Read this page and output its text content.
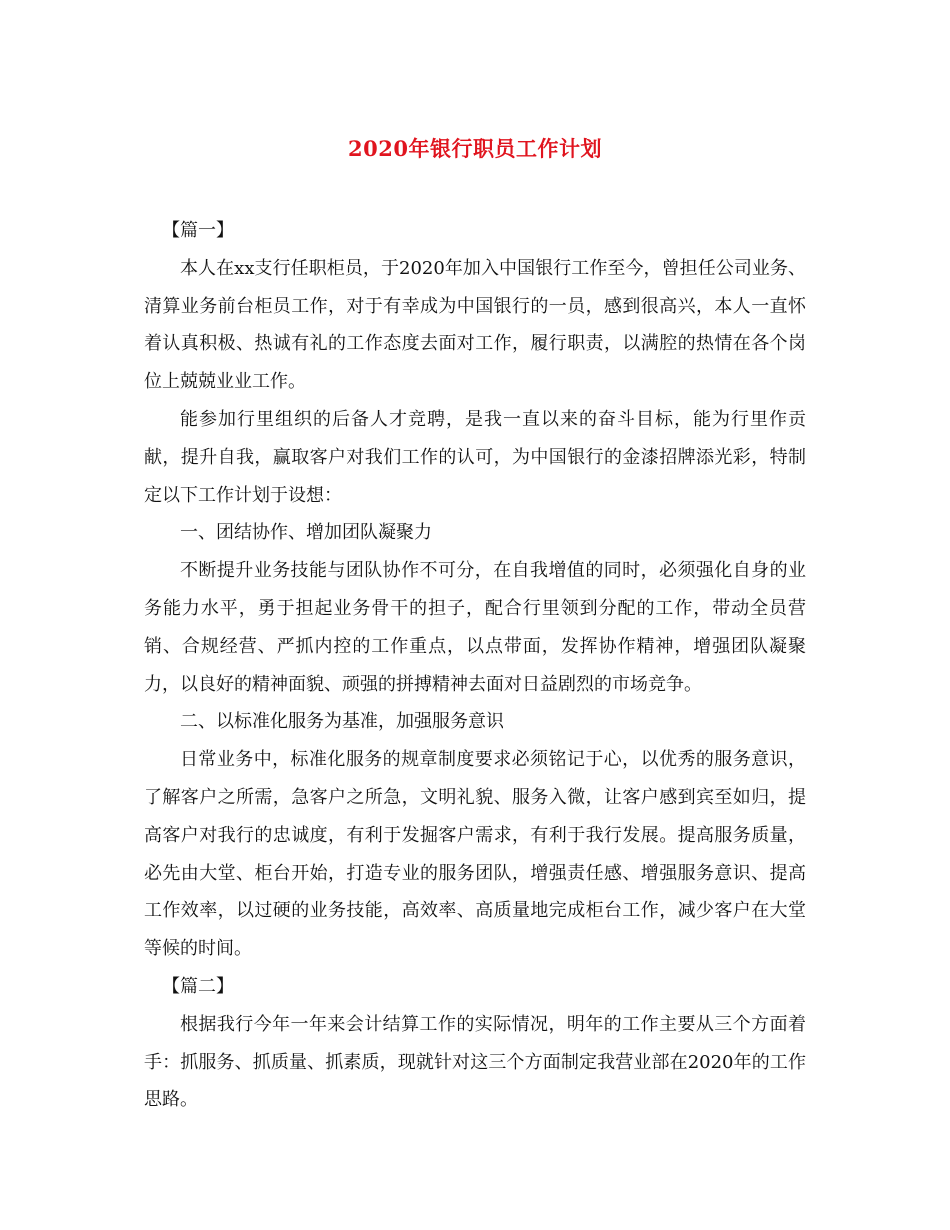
2020年银行职员工作计划

【篇一】

本人在xx支行任职柜员，于2020年加入中国银行工作至今，曾担任公司业务、清算业务前台柜员工作，对于有幸成为中国银行的一员，感到很高兴，本人一直怀着认真积极、热诚有礼的工作态度去面对工作，履行职责，以满腔的热情在各个岗位上兢兢业业工作。

能参加行里组织的后备人才竞聘，是我一直以来的奋斗目标，能为行里作贡献，提升自我，赢取客户对我们工作的认可，为中国银行的金漆招牌添光彩，特制定以下工作计划于设想：

一、团结协作、增加团队凝聚力

不断提升业务技能与团队协作不可分，在自我增值的同时，必须强化自身的业务能力水平，勇于担起业务骨干的担子，配合行里领到分配的工作，带动全员营销、合规经营、严抓内控的工作重点，以点带面，发挥协作精神，增强团队凝聚力，以良好的精神面貌、顽强的拼搏精神去面对日益剧烈的市场竞争。

二、以标准化服务为基准，加强服务意识

日常业务中，标准化服务的规章制度要求必须铭记于心，以优秀的服务意识，了解客户之所需，急客户之所急，文明礼貌、服务入微，让客户感到宾至如归，提高客户对我行的忠诚度，有利于发掘客户需求，有利于我行发展。提高服务质量，必先由大堂、柜台开始，打造专业的服务团队，增强责任感、增强服务意识、提高工作效率，以过硬的业务技能，高效率、高质量地完成柜台工作，减少客户在大堂等候的时间。

【篇二】

根据我行今年一年来会计结算工作的实际情况，明年的工作主要从三个方面着手：抓服务、抓质量、抓素质，现就针对这三个方面制定我营业部在2020年的工作思路。
